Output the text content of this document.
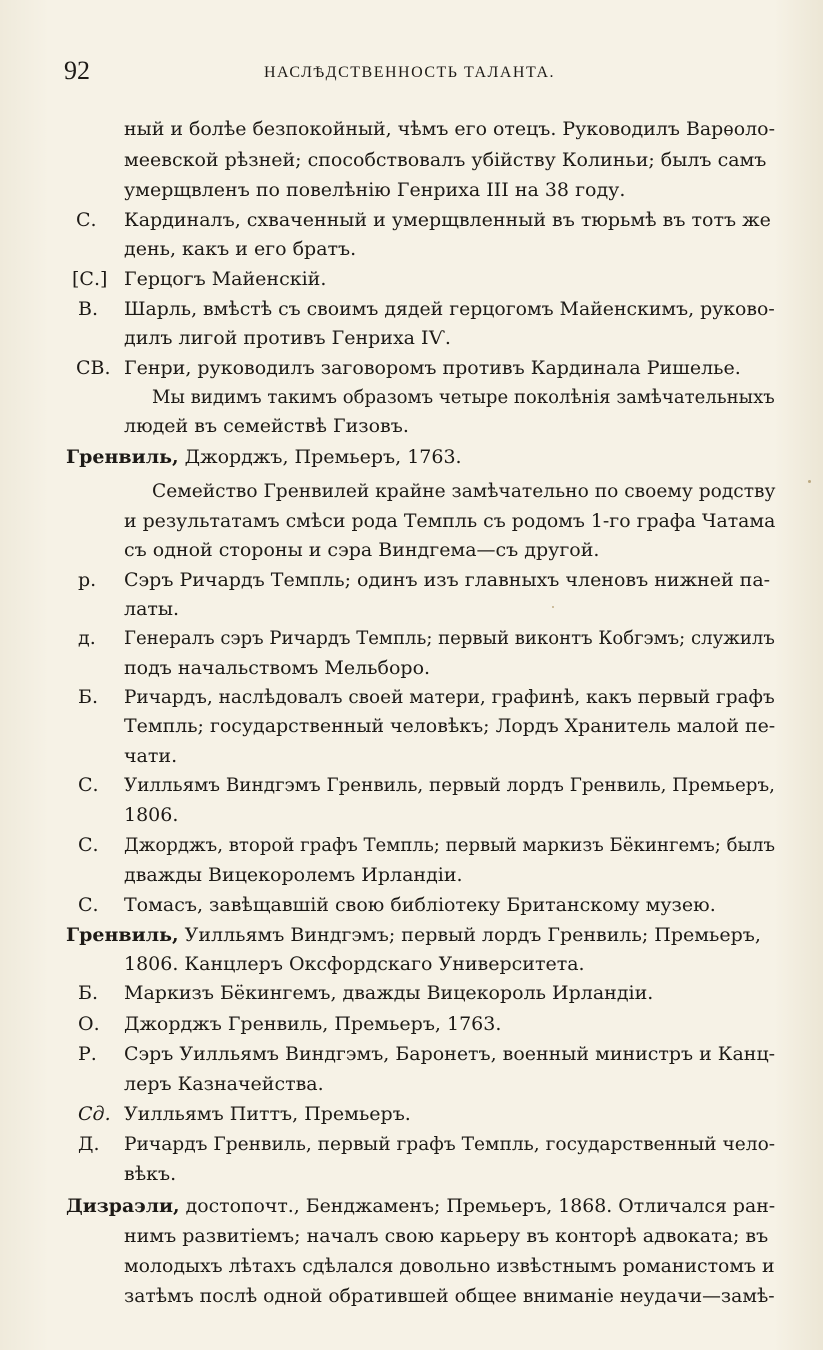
92	НАСЛѢДСТВЕННОСТЬ ТАЛАНТА.
С.
[С.]
В.
СВ.
р.
д.
Б.
С.
С.
С.
Б.
О.
Р.
Сд.
Д.
ный и болѣе безпокойный, чѣмъ его отецъ. Руководилъ Варѳоло-
меевской рѣзней; способствовалъ убійству Колиньи; былъ самъ
умерщвленъ по повелѣнію Генриха III на 38 году.
Кардиналъ, схваченный и умерщвленный въ тюрьмѣ въ тотъ же
день, какъ и его братъ.
Герцогъ Майенскій.
Шарль, вмѣстѣ съ своимъ дядей герцогомъ Майенскимъ, руково-
дилъ лигой противъ Генриха IѴ.
Генри, руководилъ заговоромъ противъ Кардинала Ришелье.
Мы видимъ такимъ образомъ четыре поколѣнія замѣчательныхъ
людей въ семействѣ Гизовъ.
Гренвиль, Джорджъ, Премьеръ, 1763.
Семейство Гренвилей крайне замѣчательно по своему родству
и результатамъ смѣси рода Темпль съ родомъ 1-го графа Чатама
съ одной стороны и сэра Виндгема—съ другой.
Сэръ Ричардъ Темпль; одинъ изъ главныхъ членовъ нижней па-
латы.
Генералъ сэръ Ричардъ Темпль; первый виконтъ Кобгэмъ; служилъ
подъ начальствомъ Мельборо.
Ричардъ, наслѣдовалъ своей матери, графинѣ, какъ первый графъ
Темпль; государственный человѣкъ; Лордъ Хранитель малой пе-
чати.
Уилльямъ Виндгэмъ Гренвиль, первый лордъ Гренвиль, Премьеръ,
1806.
Джорджъ, второй графъ Темпль; первый маркизъ Бёкингемъ; былъ
дважды Вицекоролемъ Ирландіи.
Томасъ, завѣщавшій свою библіотеку Британскому музею.
Гренвиль, Уилльямъ Виндгэмъ; первый лордъ Гренвиль; Премьеръ,
1806. Канцлеръ Оксфордскаго Университета.
Маркизъ Бёкингемъ, дважды Вицекороль Ирландіи.
Джорджъ Гренвиль, Премьеръ, 1763.
Сэръ Уилльямъ Виндгэмъ, Баронетъ, военный министръ и Канц-
леръ Казначейства.
Уилльямъ Питтъ, Премьеръ.
Ричардъ Гренвиль, первый графъ Темпль, государственный чело-
вѣкъ.
Дизраэли, достопочт., Бенджаменъ; Премьеръ, 1868. Отличался ран-
нимъ развитіемъ; началъ свою карьеру въ конторѣ адвоката; въ
молодыхъ лѣтахъ сдѣлался довольно извѣстнымъ романистомъ и
затѣмъ послѣ одной обратившей общее вниманіе неудачи—замѣ-
